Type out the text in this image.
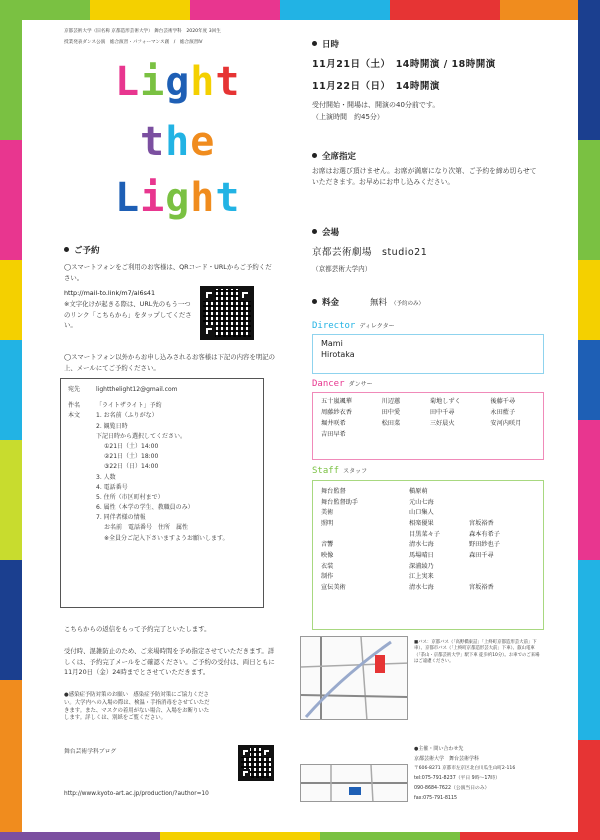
京都芸術大学（旧名称 京都造形芸術大学） 舞台芸術学科　2020年度 3回生
授業発表ダンス公演　総合演習・パフォーマンス創　/　総合演習Ⅳ
Light
the
Light
ご予約
◯スマートフォンをご利用のお客様は、QRコード・URLからご予約ください。
http://mail-to.link/m7/al6s41
※文字化けが起きる際は、URL先のもう一つのリンク「こちらから」をタップしてください。
◯スマートフォン以外からお申し込みされるお客様は下記の内容を明記の上、メールにてご予約ください。
宛先	lightthelight12@gmail.com
件名	「ライトザライト」予約
本文	1. お名前（ふりがな）
2. 観覧日時
下記日時から選択してください。
①21日（土）14:00
②21日（土）18:00
③22日（日）14:00
3. 人数
4. 電話番号
5. 住所（市区町村まで）
6. 属性（本学の学生、教職員のみ）
7. 同伴者様の情報
お名前　電話番号　住所　属性
※全員分ご記入下さいますようお願いします。
こちらからの返信をもって予約完了といたします。
受付時、混雑防止のため、ご来場時間を予め指定させていただきます。詳しくは、予約完了メールをご確認ください。ご予約の受付は、両日ともに11月20日（金）24時までとさせていただきます。
●感染症予防対策のお願い　感染症予防対策にご協力ください。大学内への入場の際は、検温・手指消毒をさせていただきます。また、マスクの着用がない場合、入場をお断りいたします。詳しくは、別紙をご覧ください。
舞台芸術学科ブログ
http://www.kyoto-art.ac.jp/production/?author=10
日時
11月21日（土）　14時開演 / 18時開演
11月22日（日）　14時開演
受付開始・開場は、開演の40分前です。
（上演時間　約45分）
全席指定
お席はお選び頂けません。お席が満席になり次第、ご予約を締め切らせていただきます。お早めにお申し込みください。
会場
京都芸術劇場　studio21
（京都芸術大学内）
料金	無料 （予約のみ）
Director ディレクター
Mami
Hirotaka
Dancer ダンサー
五十嵐颯華	川辺蕙	菊地しずく	後藤千尋
周藤紗衣香	田中愛	田中千尋	永田藍子
堀井咲希	松田菜	三好晨火	安河内咲月
吉田早希
Staff スタッフ
舞台監督	槇原萌
舞台監督助手	元山七海
美術	山口集人
照明	相楽優果	宮坂裕香
目黒菜々子	森本有希子
音響	清水七海	野田紗也子
映像	馬場晴日	森田千尋
衣装	深浦綾乃
制作	江上実来
宣伝美術	清水七海	宮坂裕香
■バス：京都バス（「高野橋東詰」「上終町京都造形芸大前」下車）、京都市バス（「上終町京都造形芸大前」下車）、叡山電車（「茶山・京都芸術大学」駅下車 徒歩約10分）。お車でのご来場はご遠慮ください。
●主催・問い合わせ先
京都芸術大学　舞台芸術学科
〒606-8271 京都市左京区北白川瓜生山町2-116
tel:075-791-8237（平日 9時〜17時）
090-8684-7622（公演当日のみ）
fax:075-791-8115
